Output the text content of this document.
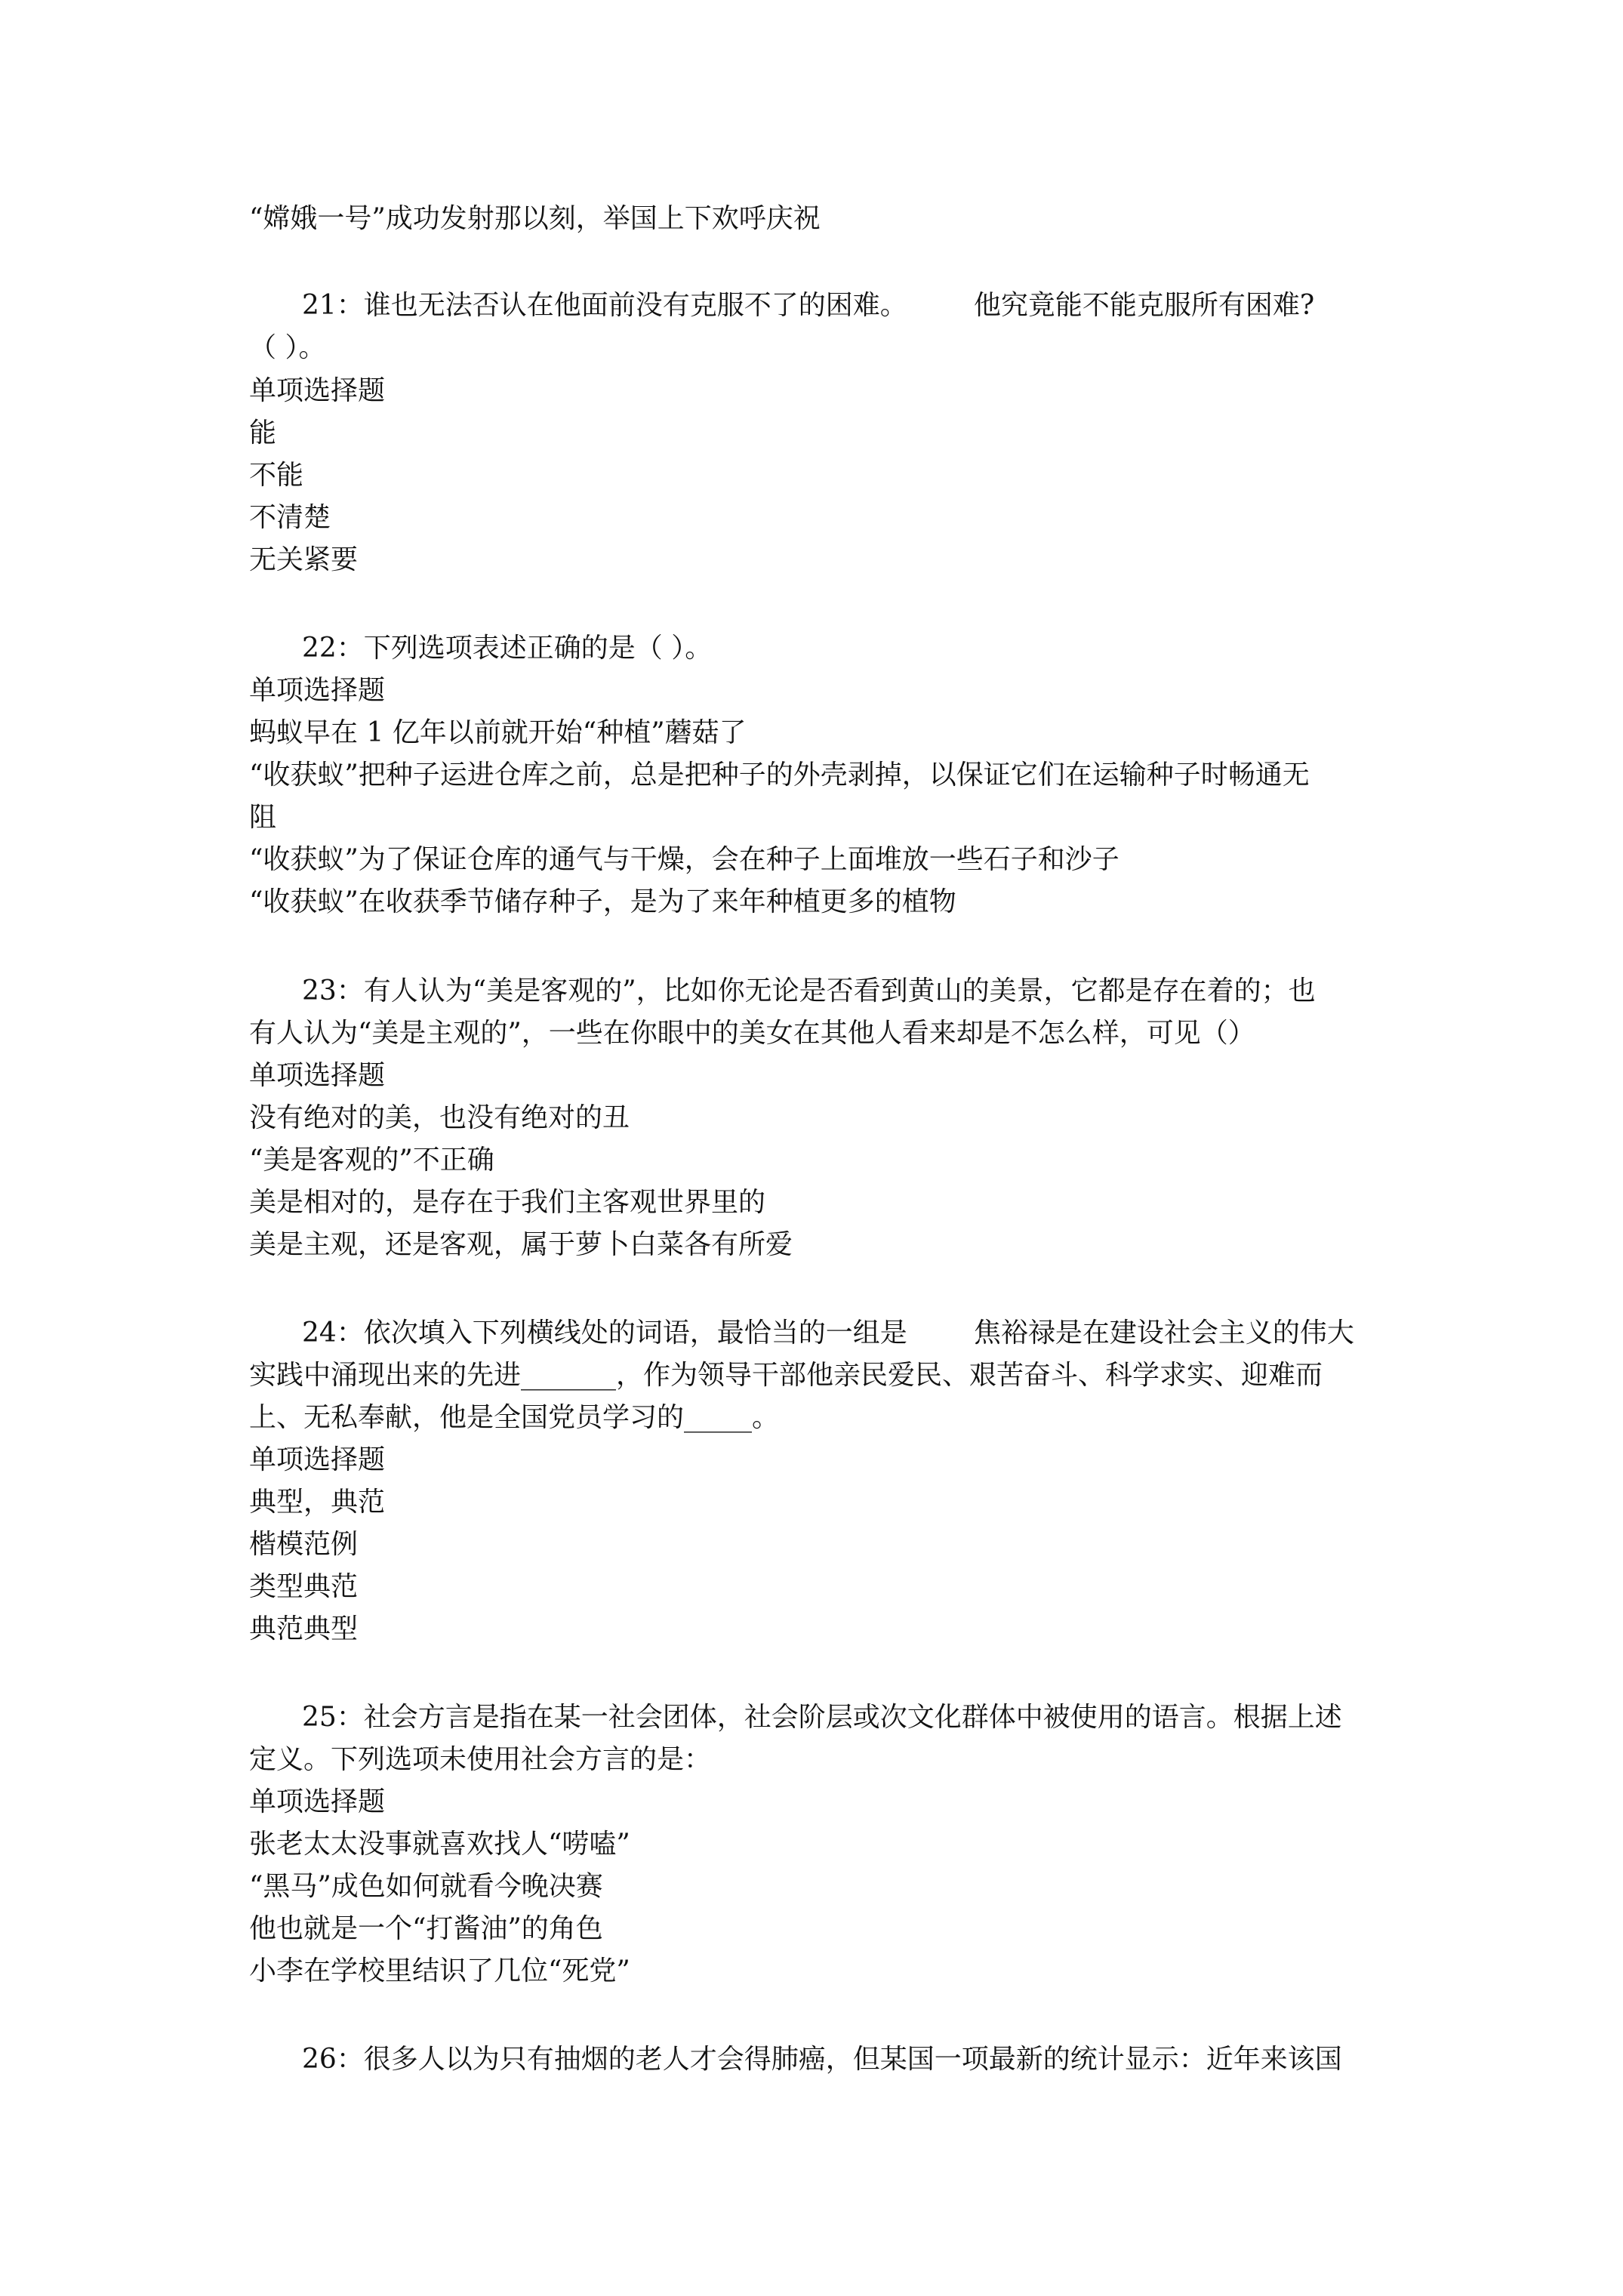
“嫦娥一号”成功发射那以刻，举国上下欢呼庆祝
21：谁也无法否认在他面前没有克服不了的困难。 他究竟能不能克服所有困难?
（ ）。
单项选择题
能
不能
不清楚
无关紧要
22：下列选项表述正确的是（ ）。
单项选择题
蚂蚁早在 1 亿年以前就开始“种植”蘑菇了
“收获蚁”把种子运进仓库之前，总是把种子的外壳剥掉，以保证它们在运输种子时畅通无
阻
“收获蚁”为了保证仓库的通气与干燥，会在种子上面堆放一些石子和沙子
“收获蚁”在收获季节储存种子，是为了来年种植更多的植物
23：有人认为“美是客观的”，比如你无论是否看到黄山的美景，它都是存在着的；也
有人认为“美是主观的”，一些在你眼中的美女在其他人看来却是不怎么样，可见（）
单项选择题
没有绝对的美，也没有绝对的丑
“美是客观的”不正确
美是相对的，是存在于我们主客观世界里的
美是主观，还是客观，属于萝卜白菜各有所爱
24：依次填入下列横线处的词语，最恰当的一组是 焦裕禄是在建设社会主义的伟大
实践中涌现出来的先进_______，作为领导干部他亲民爱民、艰苦奋斗、科学求实、迎难而
上、无私奉献，他是全国党员学习的_____。
单项选择题
典型，典范
楷模范例
类型典范
典范典型
25：社会方言是指在某一社会团体，社会阶层或次文化群体中被使用的语言。根据上述
定义。下列选项未使用社会方言的是：
单项选择题
张老太太没事就喜欢找人“唠嗑”
“黑马”成色如何就看今晚决赛
他也就是一个“打酱油”的角色
小李在学校里结识了几位“死党”
26：很多人以为只有抽烟的老人才会得肺癌，但某国一项最新的统计显示：近年来该国
